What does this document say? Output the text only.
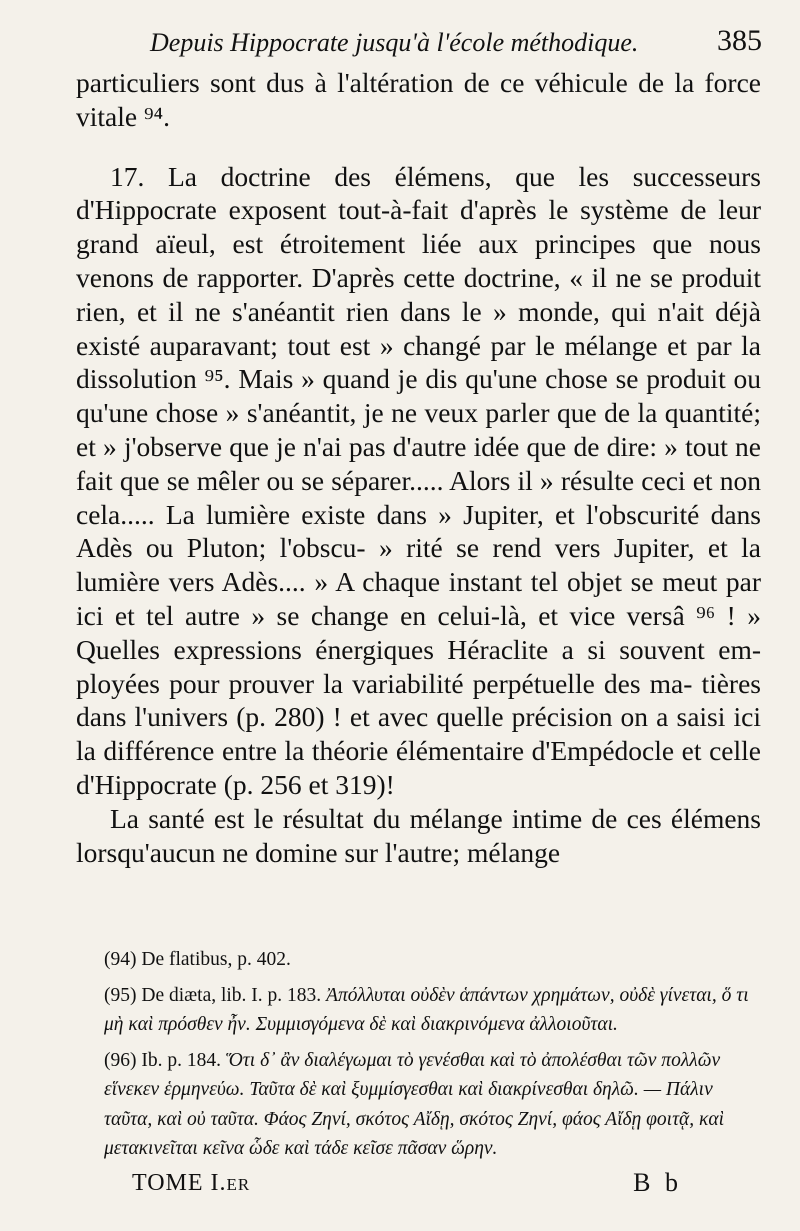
Depuis Hippocrate jusqu'à l'école méthodique.	385

particuliers sont dus à l'altération de ce véhicule de la force vitale ⁹⁴.

17. La doctrine des élémens, que les successeurs d'Hippocrate exposent tout-à-fait d'après le système de leur grand aïeul, est étroitement liée aux principes que nous venons de rapporter. D'après cette doctrine, « il ne se produit rien, et il ne s'anéantit rien dans le » monde, qui n'ait déjà existé auparavant; tout est » changé par le mélange et par la dissolution ⁹⁵. Mais » quand je dis qu'une chose se produit ou qu'une chose » s'anéantit, je ne veux parler que de la quantité; et » j'observe que je n'ai pas d'autre idée que de dire: » tout ne fait que se mêler ou se séparer..... Alors il » résulte ceci et non cela..... La lumière existe dans » Jupiter, et l'obscurité dans Adès ou Pluton; l'obscu- » rité se rend vers Jupiter, et la lumière vers Adès.... » A chaque instant tel objet se meut par ici et tel autre » se change en celui-là, et vice versâ ⁹⁶ ! » Quelles expressions énergiques Héraclite a si souvent em- ployées pour prouver la variabilité perpétuelle des ma- tières dans l'univers (p. 280) ! et avec quelle précision on a saisi ici la différence entre la théorie élémentaire d'Empédocle et celle d'Hippocrate (p. 256 et 319)!

La santé est le résultat du mélange intime de ces élémens lorsqu'aucun ne domine sur l'autre; mélange

(94) De flatibus, p. 402.

(95) De diæta, lib. I. p. 183. Ἀπόλλυται οὐδὲν ἁπάντων χρημάτων, οὐδὲ γίνεται, ὅ τι μὴ καὶ πρόσθεν ἦν. Συμμισγόμενα δὲ καὶ διακρινόμενα ἀλλοιοῦται.

(96) Ib. p. 184. Ὅτι δ᾽ ἂν διαλέγωμαι τὸ γενέσθαι καὶ τὸ ἀπολέσθαι τῶν πολλῶν εἵνεκεν ἑρμηνεύω. Ταῦτα δὲ καὶ ξυμμίσγεσθαι καὶ διακρίνεσθαι δηλῶ. — Πάλιν ταῦτα, καὶ οὐ ταῦτα. Φάος Ζηνί, σκότος Αἴδῃ, σκότος Ζηνί, φάος Αἴδῃ φοιτᾷ, καὶ μετακινεῖται κεῖνα ὧδε καὶ τάδε κεῖσε πᾶσαν ὥρην.

TOME I.er	B b
